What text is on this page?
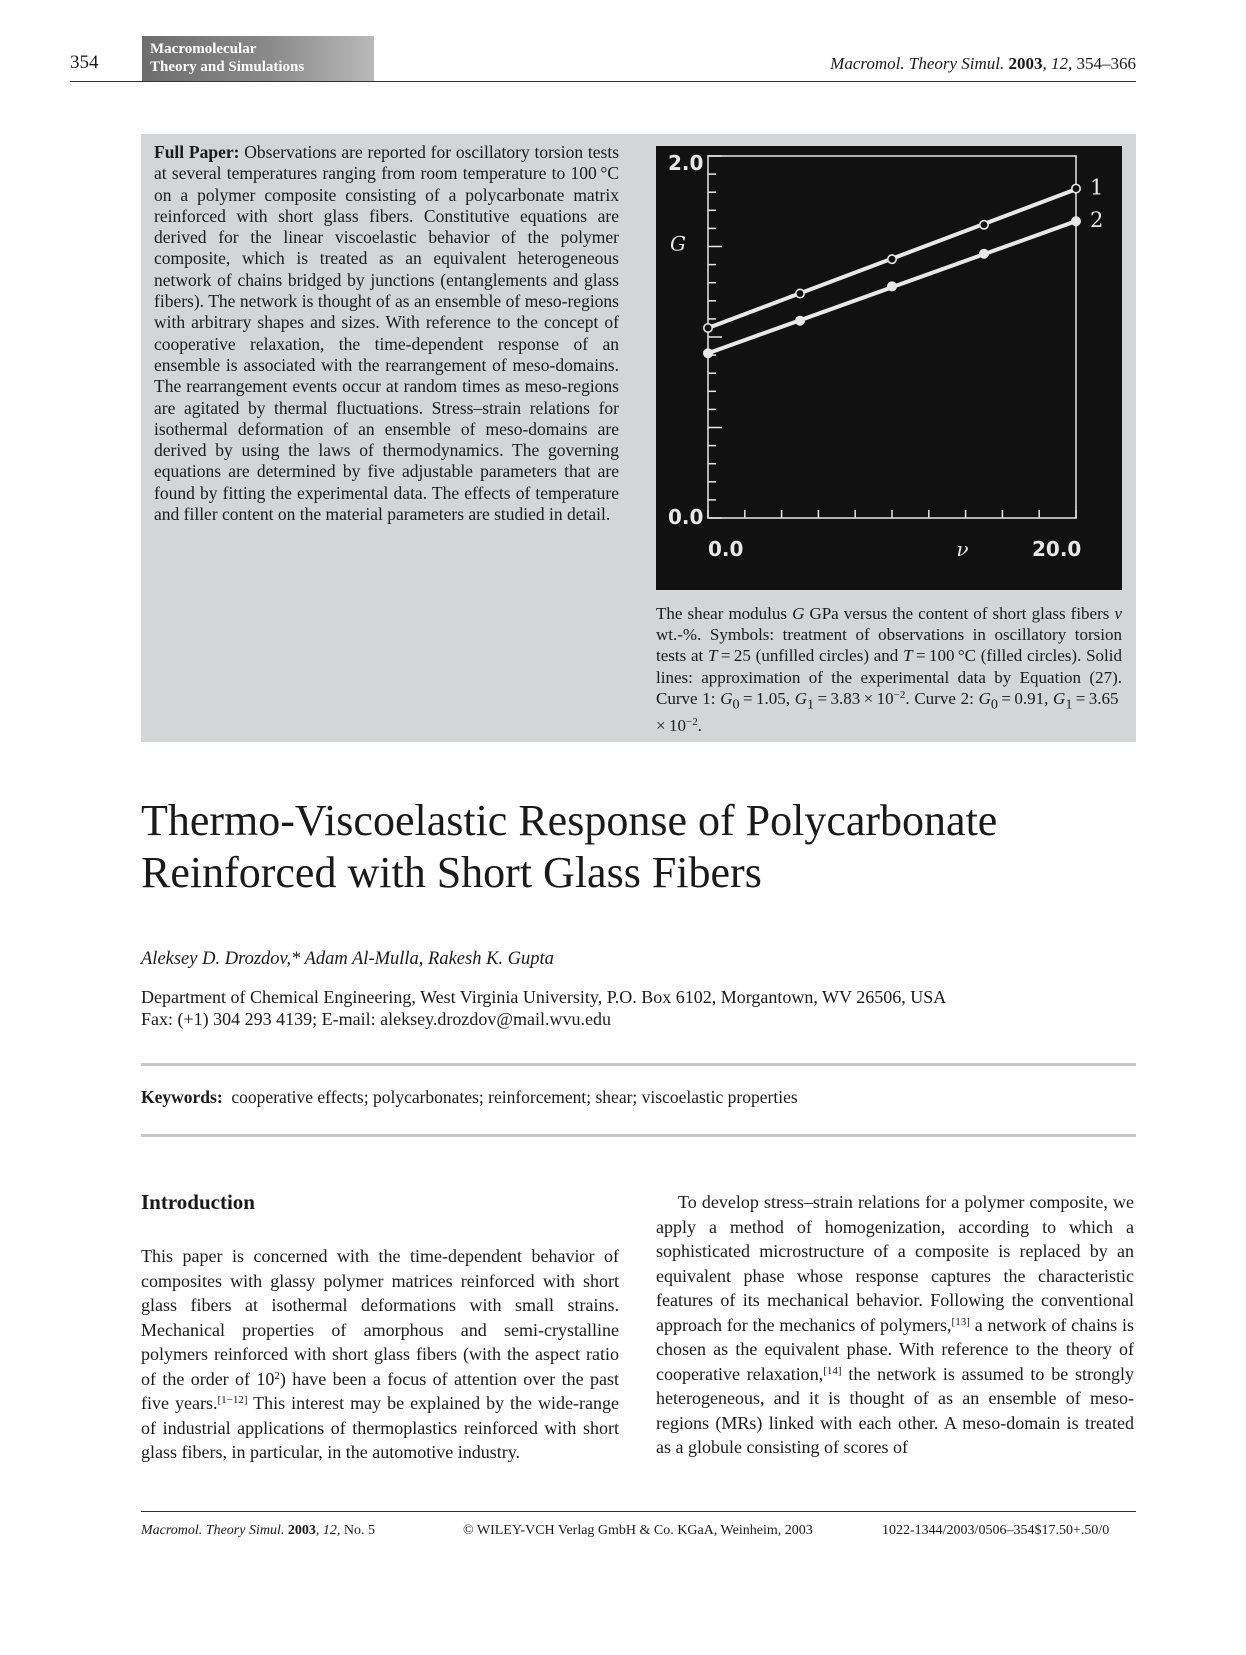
354
Macromolecular
Theory and Simulations	Macromol. Theory Simul. 2003, 12, 354–366
Full Paper: Observations are reported for oscillatory torsion tests at several temperatures ranging from room temperature to 100 °C on a polymer composite consisting of a polycarbonate matrix reinforced with short glass fibers. Constitutive equations are derived for the linear viscoelastic behavior of the polymer composite, which is treated as an equivalent heterogeneous network of chains bridged by junctions (entanglements and glass fibers). The network is thought of as an ensemble of meso-regions with arbitrary shapes and sizes. With reference to the concept of cooperative relaxation, the time-dependent response of an ensemble is associated with the rearrangement of meso-domains. The rearrangement events occur at random times as meso-regions are agitated by thermal fluctuations. Stress–strain relations for isothermal deformation of an ensemble of meso-domains are derived by using the laws of thermodynamics. The governing equations are determined by five adjustable parameters that are found by fitting the experimental data. The effects of temperature and filler content on the material parameters are studied in detail.
2.0
0.0
0.0	20.0
G
ν
1
2
The shear modulus G GPa versus the content of short glass fibers v wt.-%. Symbols: treatment of observations in oscillatory torsion tests at T = 25 (unfilled circles) and T = 100 °C (filled circles). Solid lines: approximation of the experimental data by Equation (27). Curve 1: $G_0 = 1.05$, $G_1 = 3.83 \times 10^{-2}$. Curve 2: $G_0 = 0.91$, $G_1 = 3.65 \times 10^{-2}$.
Thermo-Viscoelastic Response of Polycarbonate
Reinforced with Short Glass Fibers
Aleksey D. Drozdov,* Adam Al-Mulla, Rakesh K. Gupta
Department of Chemical Engineering, West Virginia University, P.O. Box 6102, Morgantown, WV 26506, USA
Fax: (+1) 304 293 4139; E-mail: aleksey.drozdov@mail.wvu.edu
Keywords: cooperative effects; polycarbonates; reinforcement; shear; viscoelastic properties
Introduction
This paper is concerned with the time-dependent behavior of composites with glassy polymer matrices reinforced with short glass fibers at isothermal deformations with small strains. Mechanical properties of amorphous and semi-crystalline polymers reinforced with short glass fibers (with the aspect ratio of the order of $10^2$) have been a focus of attention over the past five years.[1−12] This interest may be explained by the wide-range of industrial applications of thermoplastics reinforced with short glass fibers, in particular, in the automotive industry.
To develop stress–strain relations for a polymer composite, we apply a method of homogenization, according to which a sophisticated microstructure of a composite is replaced by an equivalent phase whose response captures the characteristic features of its mechanical behavior. Following the conventional approach for the mechanics of polymers,[13] a network of chains is chosen as the equivalent phase. With reference to the theory of cooperative relaxation,[14] the network is assumed to be strongly heterogeneous, and it is thought of as an ensemble of meso-regions (MRs) linked with each other. A meso-domain is treated as a globule consisting of scores of
Macromol. Theory Simul. 2003, 12, No. 5	© WILEY-VCH Verlag GmbH & Co. KGaA, Weinheim, 2003	1022-1344/2003/0506–354$17.50+.50/0
